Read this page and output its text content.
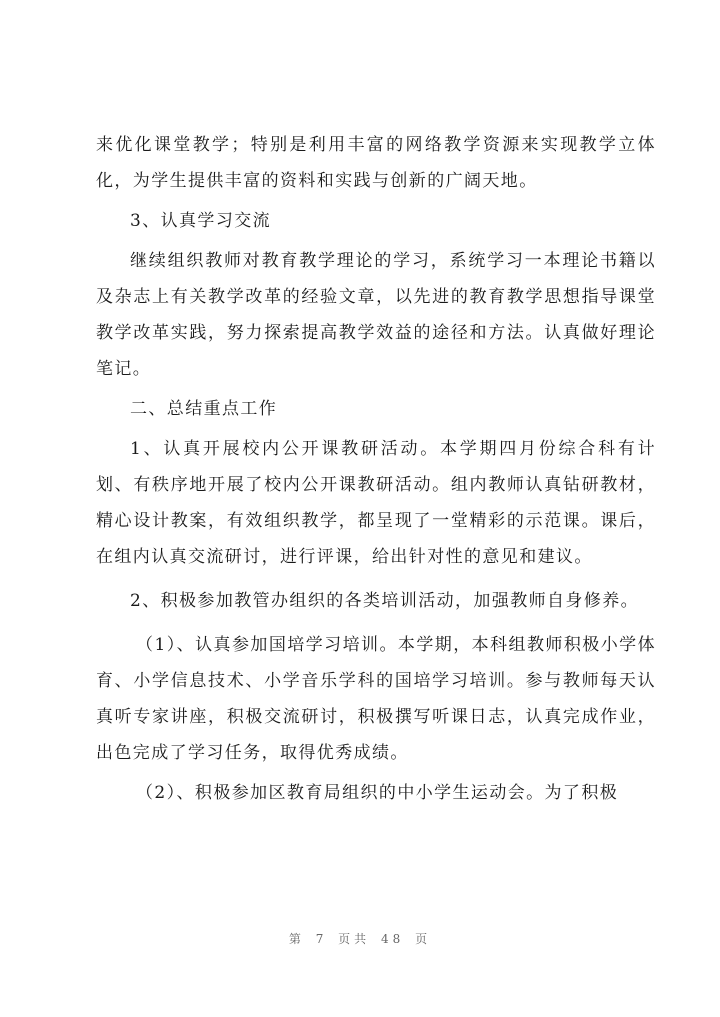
来优化课堂教学；特别是利用丰富的网络教学资源来实现教学立体化，为学生提供丰富的资料和实践与创新的广阔天地。

3、认真学习交流

继续组织教师对教育教学理论的学习，系统学习一本理论书籍以及杂志上有关教学改革的经验文章，以先进的教育教学思想指导课堂教学改革实践，努力探索提高教学效益的途径和方法。认真做好理论笔记。

二、总结重点工作

1、认真开展校内公开课教研活动。本学期四月份综合科有计划、有秩序地开展了校内公开课教研活动。组内教师认真钻研教材，精心设计教案，有效组织教学，都呈现了一堂精彩的示范课。课后，在组内认真交流研讨，进行评课，给出针对性的意见和建议。

2、积极参加教管办组织的各类培训活动，加强教师自身修养。

（1）、认真参加国培学习培训。本学期，本科组教师积极小学体育、小学信息技术、小学音乐学科的国培学习培训。参与教师每天认真听专家讲座，积极交流研讨，积极撰写听课日志，认真完成作业，出色完成了学习任务，取得优秀成绩。

（2）、积极参加区教育局组织的中小学生运动会。为了积极

第 7 页共 48 页
